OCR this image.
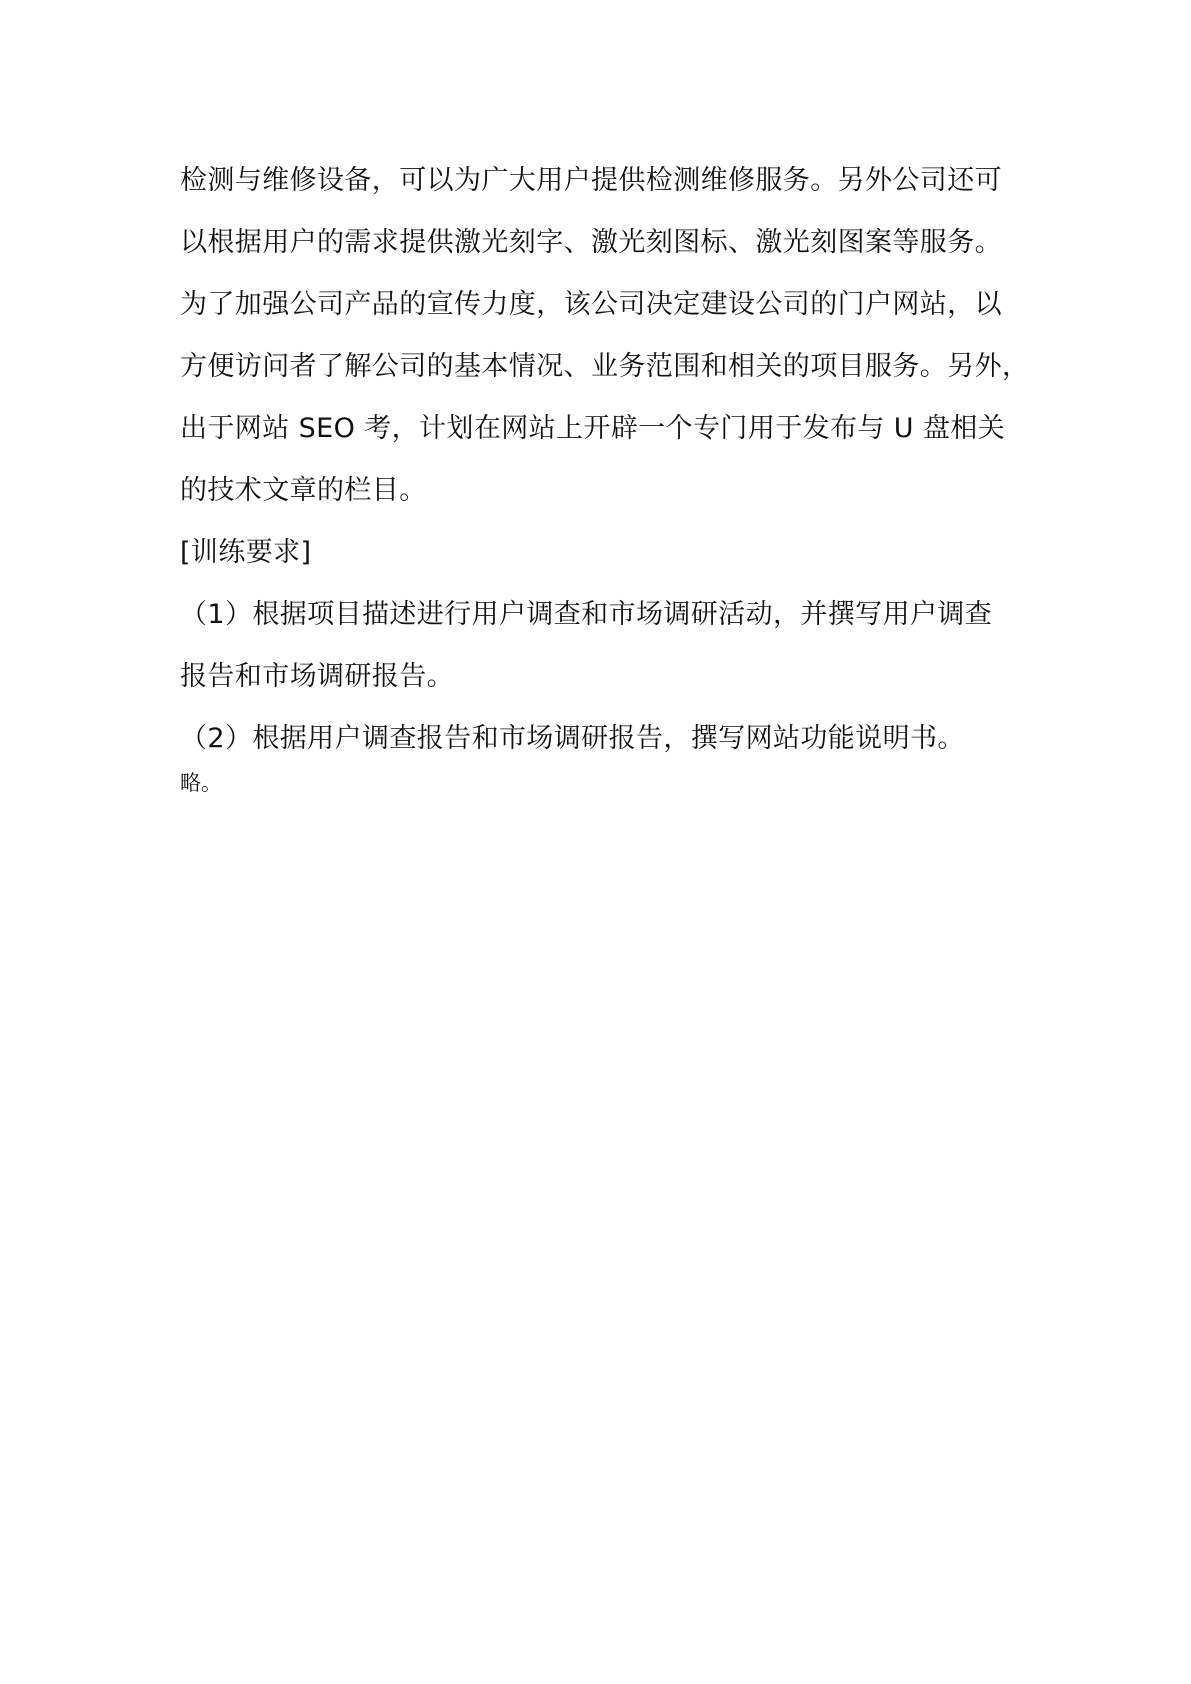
检测与维修设备，可以为广大用户提供检测维修服务。另外公司还可
以根据用户的需求提供激光刻字、激光刻图标、激光刻图案等服务。
为了加强公司产品的宣传力度，该公司决定建设公司的门户网站，以
方便访问者了解公司的基本情况、业务范围和相关的项目服务。另外，
出于网站 SEO 考，计划在网站上开辟一个专门用于发布与 U 盘相关
的技术文章的栏目。
[训练要求]
（1）根据项目描述进行用户调查和市场调研活动，并撰写用户调查
报告和市场调研报告。
（2）根据用户调查报告和市场调研报告，撰写网站功能说明书。
略。
